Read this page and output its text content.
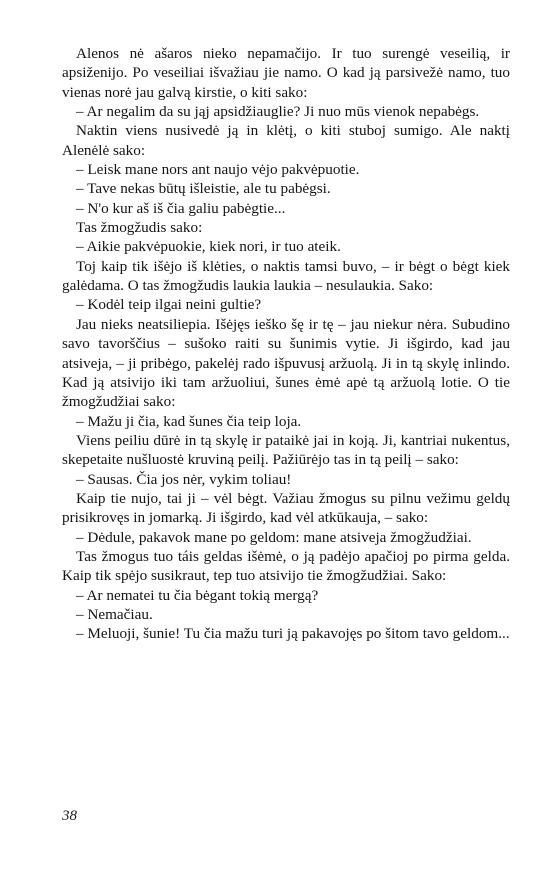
Alenos nė ašaros nieko nepamačijo. Ir tuo surengė veseilią, ir apsiženijo. Po veseiliai išvažiau jie namo. O kad ją parsivežė namo, tuo vienas norė jau galvą kirstie, o kiti sako:

– Ar negalim da su jąj apsidžiauglie? Ji nuo mūs vienok nepabėgs.

Naktin viens nusivedė ją in klėtį, o kiti stuboj sumigo. Ale naktį Alenėlė sako:

– Leisk mane nors ant naujo vėjo pakvėpuotie.

– Tave nekas būtų išleistie, ale tu pabėgsi.

– N'o kur aš iš čia galiu pabėgtie...

Tas žmogžudis sako:

– Aikie pakvėpuokie, kiek nori, ir tuo ateik.

Toj kaip tik išėjo iš klėties, o naktis tamsi buvo, – ir bėgt o bėgt kiek galėdama. O tas žmogžudis laukia laukia – nesulaukia. Sako:

– Kodėl teip ilgai neini gultie?

Jau nieks neatsiliepia. Išėjęs ieško šę ir tę – jau niekur nėra. Subudino savo tavorščius – sušoko raiti su šunimis vytie. Ji išgirdo, kad jau atsiveja, – ji pribėgo, pakelėj rado išpuvusį aržuolą. Ji in tą skylę inlindo. Kad ją atsivijo iki tam aržuoliui, šunes ėmė apė tą aržuolą lotie. O tie žmogžudžiai sako:

– Mažu ji čia, kad šunes čia teip loja.

Viens peiliu dūrė in tą skylę ir pataikė jai in koją. Ji, kantriai nukentus, skepetaite nušluostė kruviną peilį. Pažiūrėjo tas in tą peilį – sako:

– Sausas. Čia jos nėr, vykim toliau!

Kaip tie nujo, tai ji – vėl bėgt. Važiau žmogus su pilnu vežimu geldų prisikrovęs in jomarką. Ji išgirdo, kad vėl atkūkauja, – sako:

– Dėdule, pakavok mane po geldom: mane atsiveja žmogžudžiai.

Tas žmogus tuo táis geldas išėmė, o ją padėjo apačioj po pirma gelda. Kaip tik spėjo susikraut, tep tuo atsivijo tie žmogžudžiai. Sako:

– Ar nematei tu čia bėgant tokią mergą?

– Nemačiau.

– Meluoji, šunie! Tu čia mažu turi ją pakavojęs po šitom tavo geldom...

38
